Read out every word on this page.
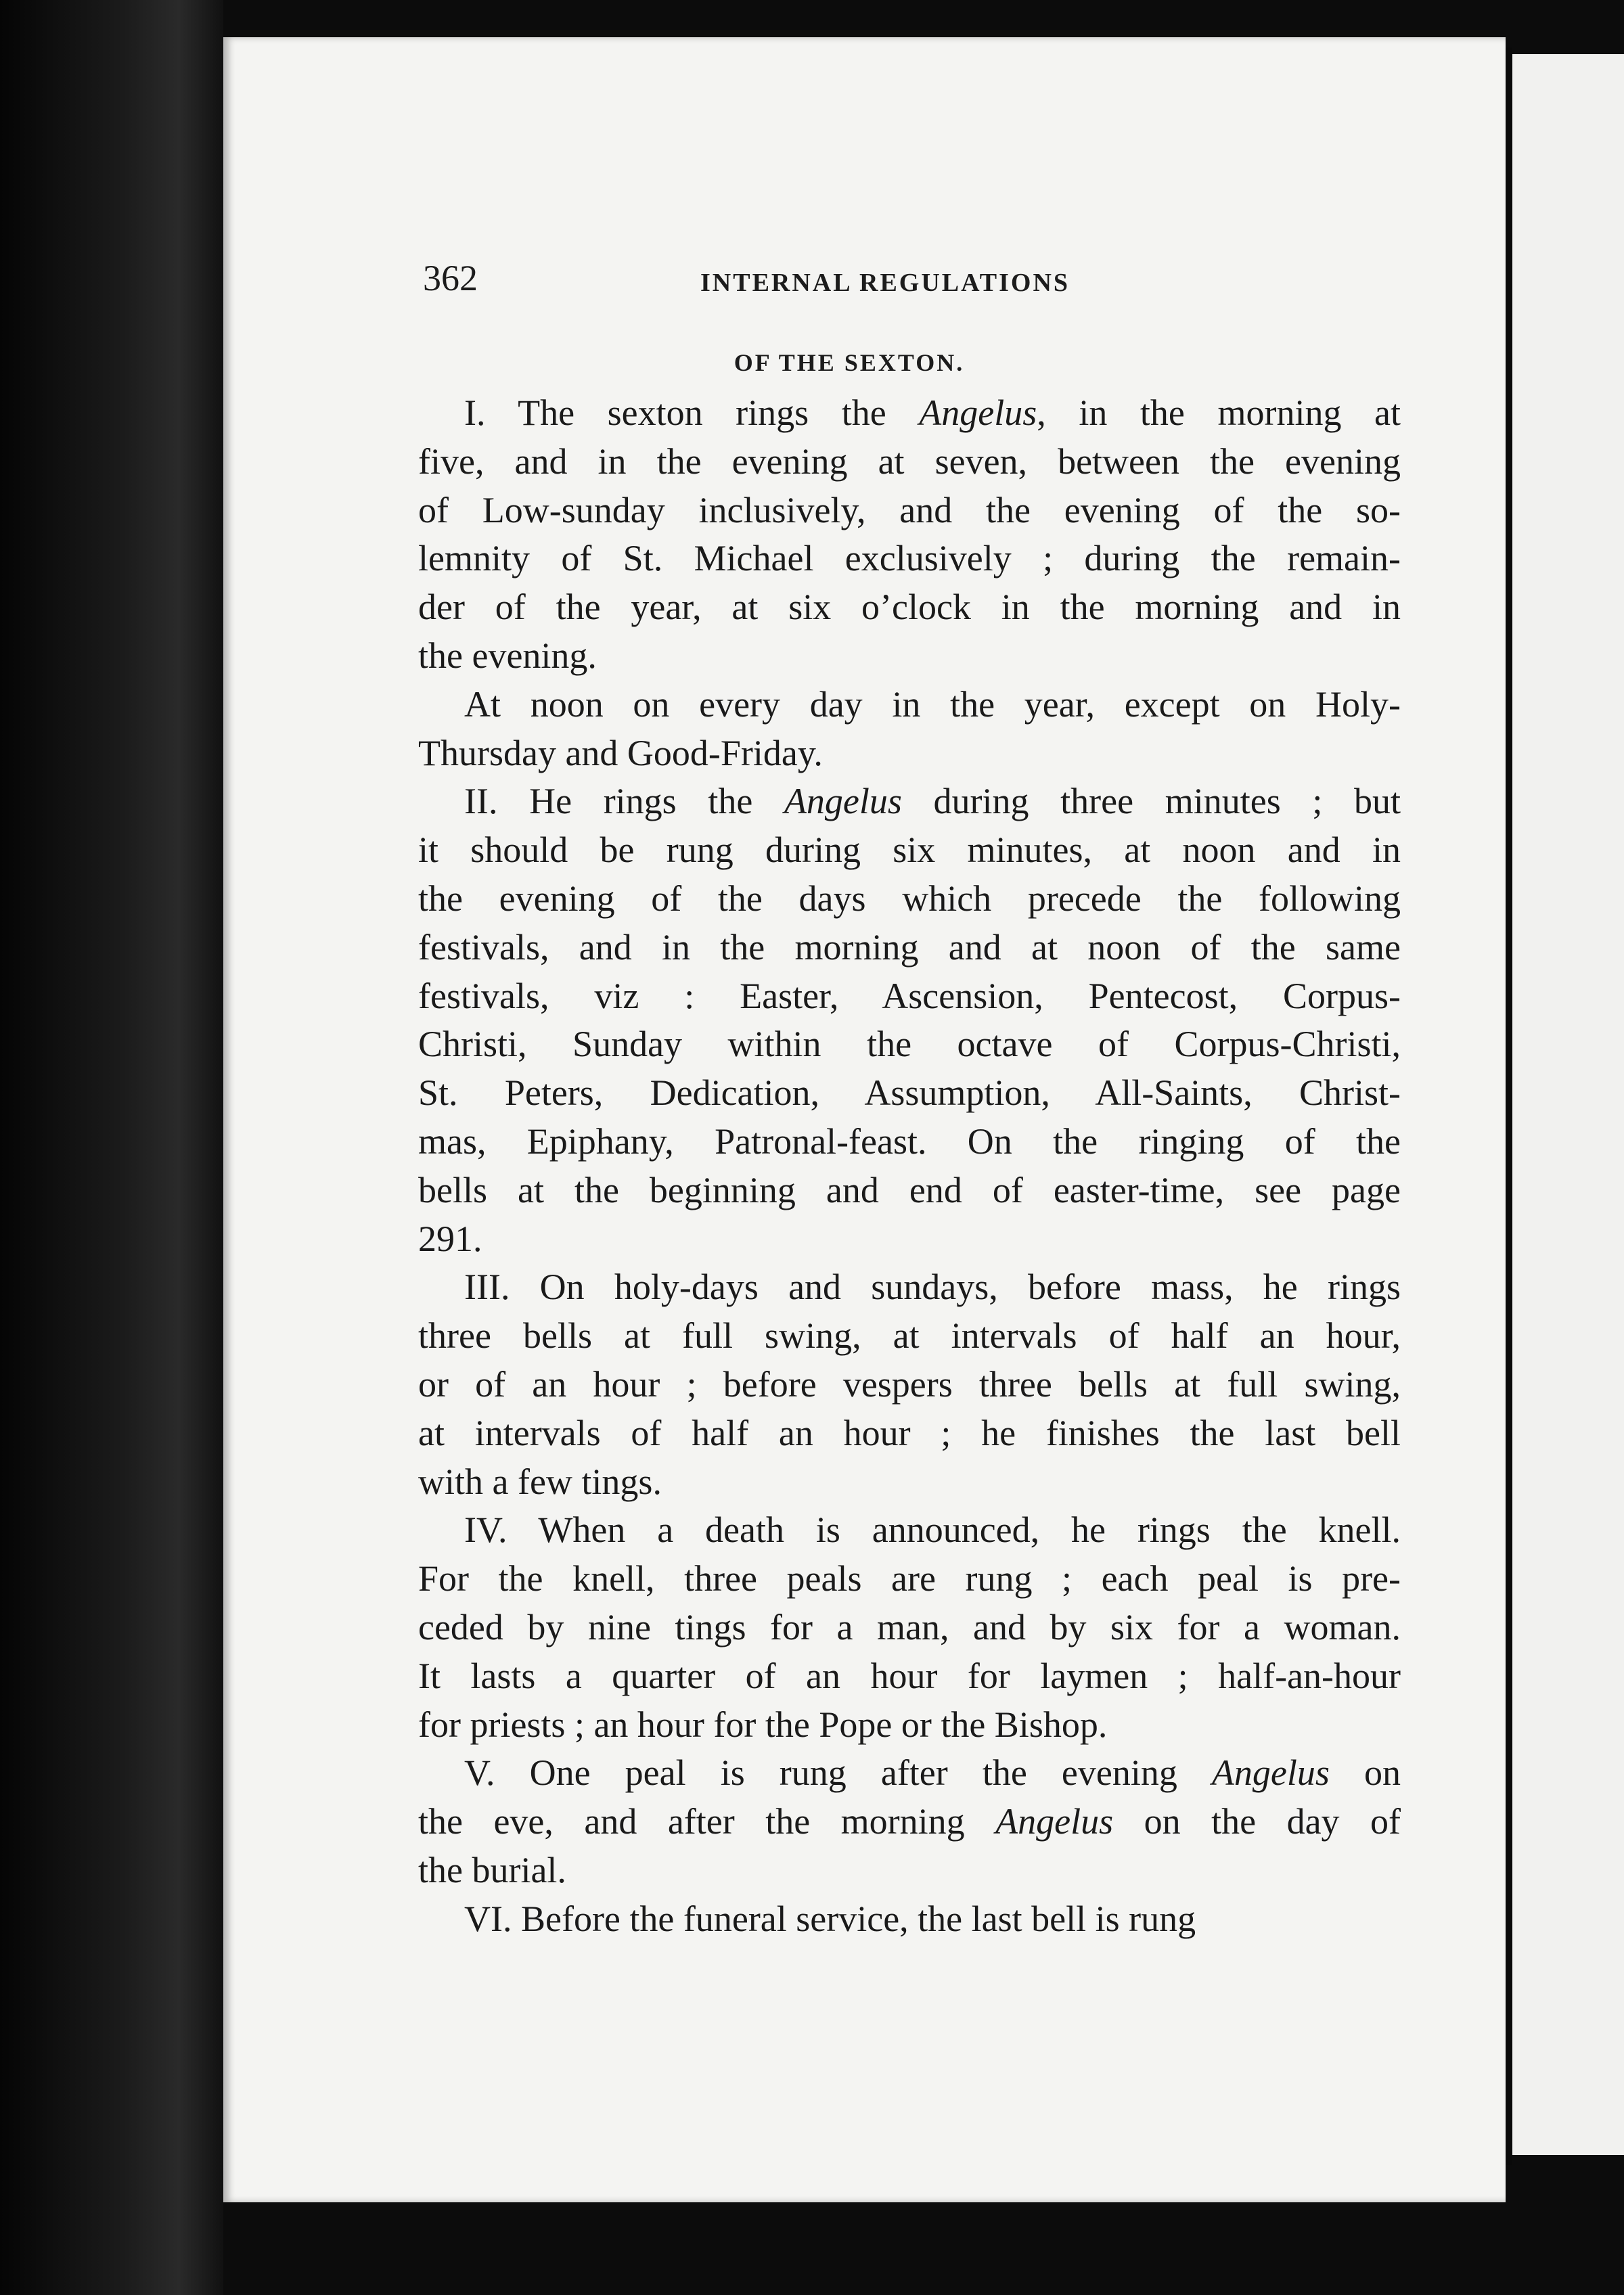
362	INTERNAL REGULATIONS
OF THE SEXTON.
I. The sexton rings the Angelus, in the morning at
five, and in the evening at seven, between the evening
of Low-sunday inclusively, and the evening of the so-
lemnity of St. Michael exclusively ; during the remain-
der of the year, at six o’clock in the morning and in
the evening.
At noon on every day in the year, except on Holy-
Thursday and Good-Friday.
II. He rings the Angelus during three minutes ; but
it should be rung during six minutes, at noon and in
the evening of the days which precede the following
festivals, and in the morning and at noon of the same
festivals, viz : Easter, Ascension, Pentecost, Corpus-
Christi, Sunday within the octave of Corpus-Christi,
St. Peters, Dedication, Assumption, All-Saints, Christ-
mas, Epiphany, Patronal-feast. On the ringing of the
bells at the beginning and end of easter-time, see page
291.
III. On holy-days and sundays, before mass, he rings
three bells at full swing, at intervals of half an hour,
or of an hour ; before vespers three bells at full swing,
at intervals of half an hour ; he finishes the last bell
with a few tings.
IV. When a death is announced, he rings the knell.
For the knell, three peals are rung ; each peal is pre-
ceded by nine tings for a man, and by six for a woman.
It lasts a quarter of an hour for laymen ; half-an-hour
for priests ; an hour for the Pope or the Bishop.
V. One peal is rung after the evening Angelus on
the eve, and after the morning Angelus on the day of
the burial.
VI. Before the funeral service, the last bell is rung
